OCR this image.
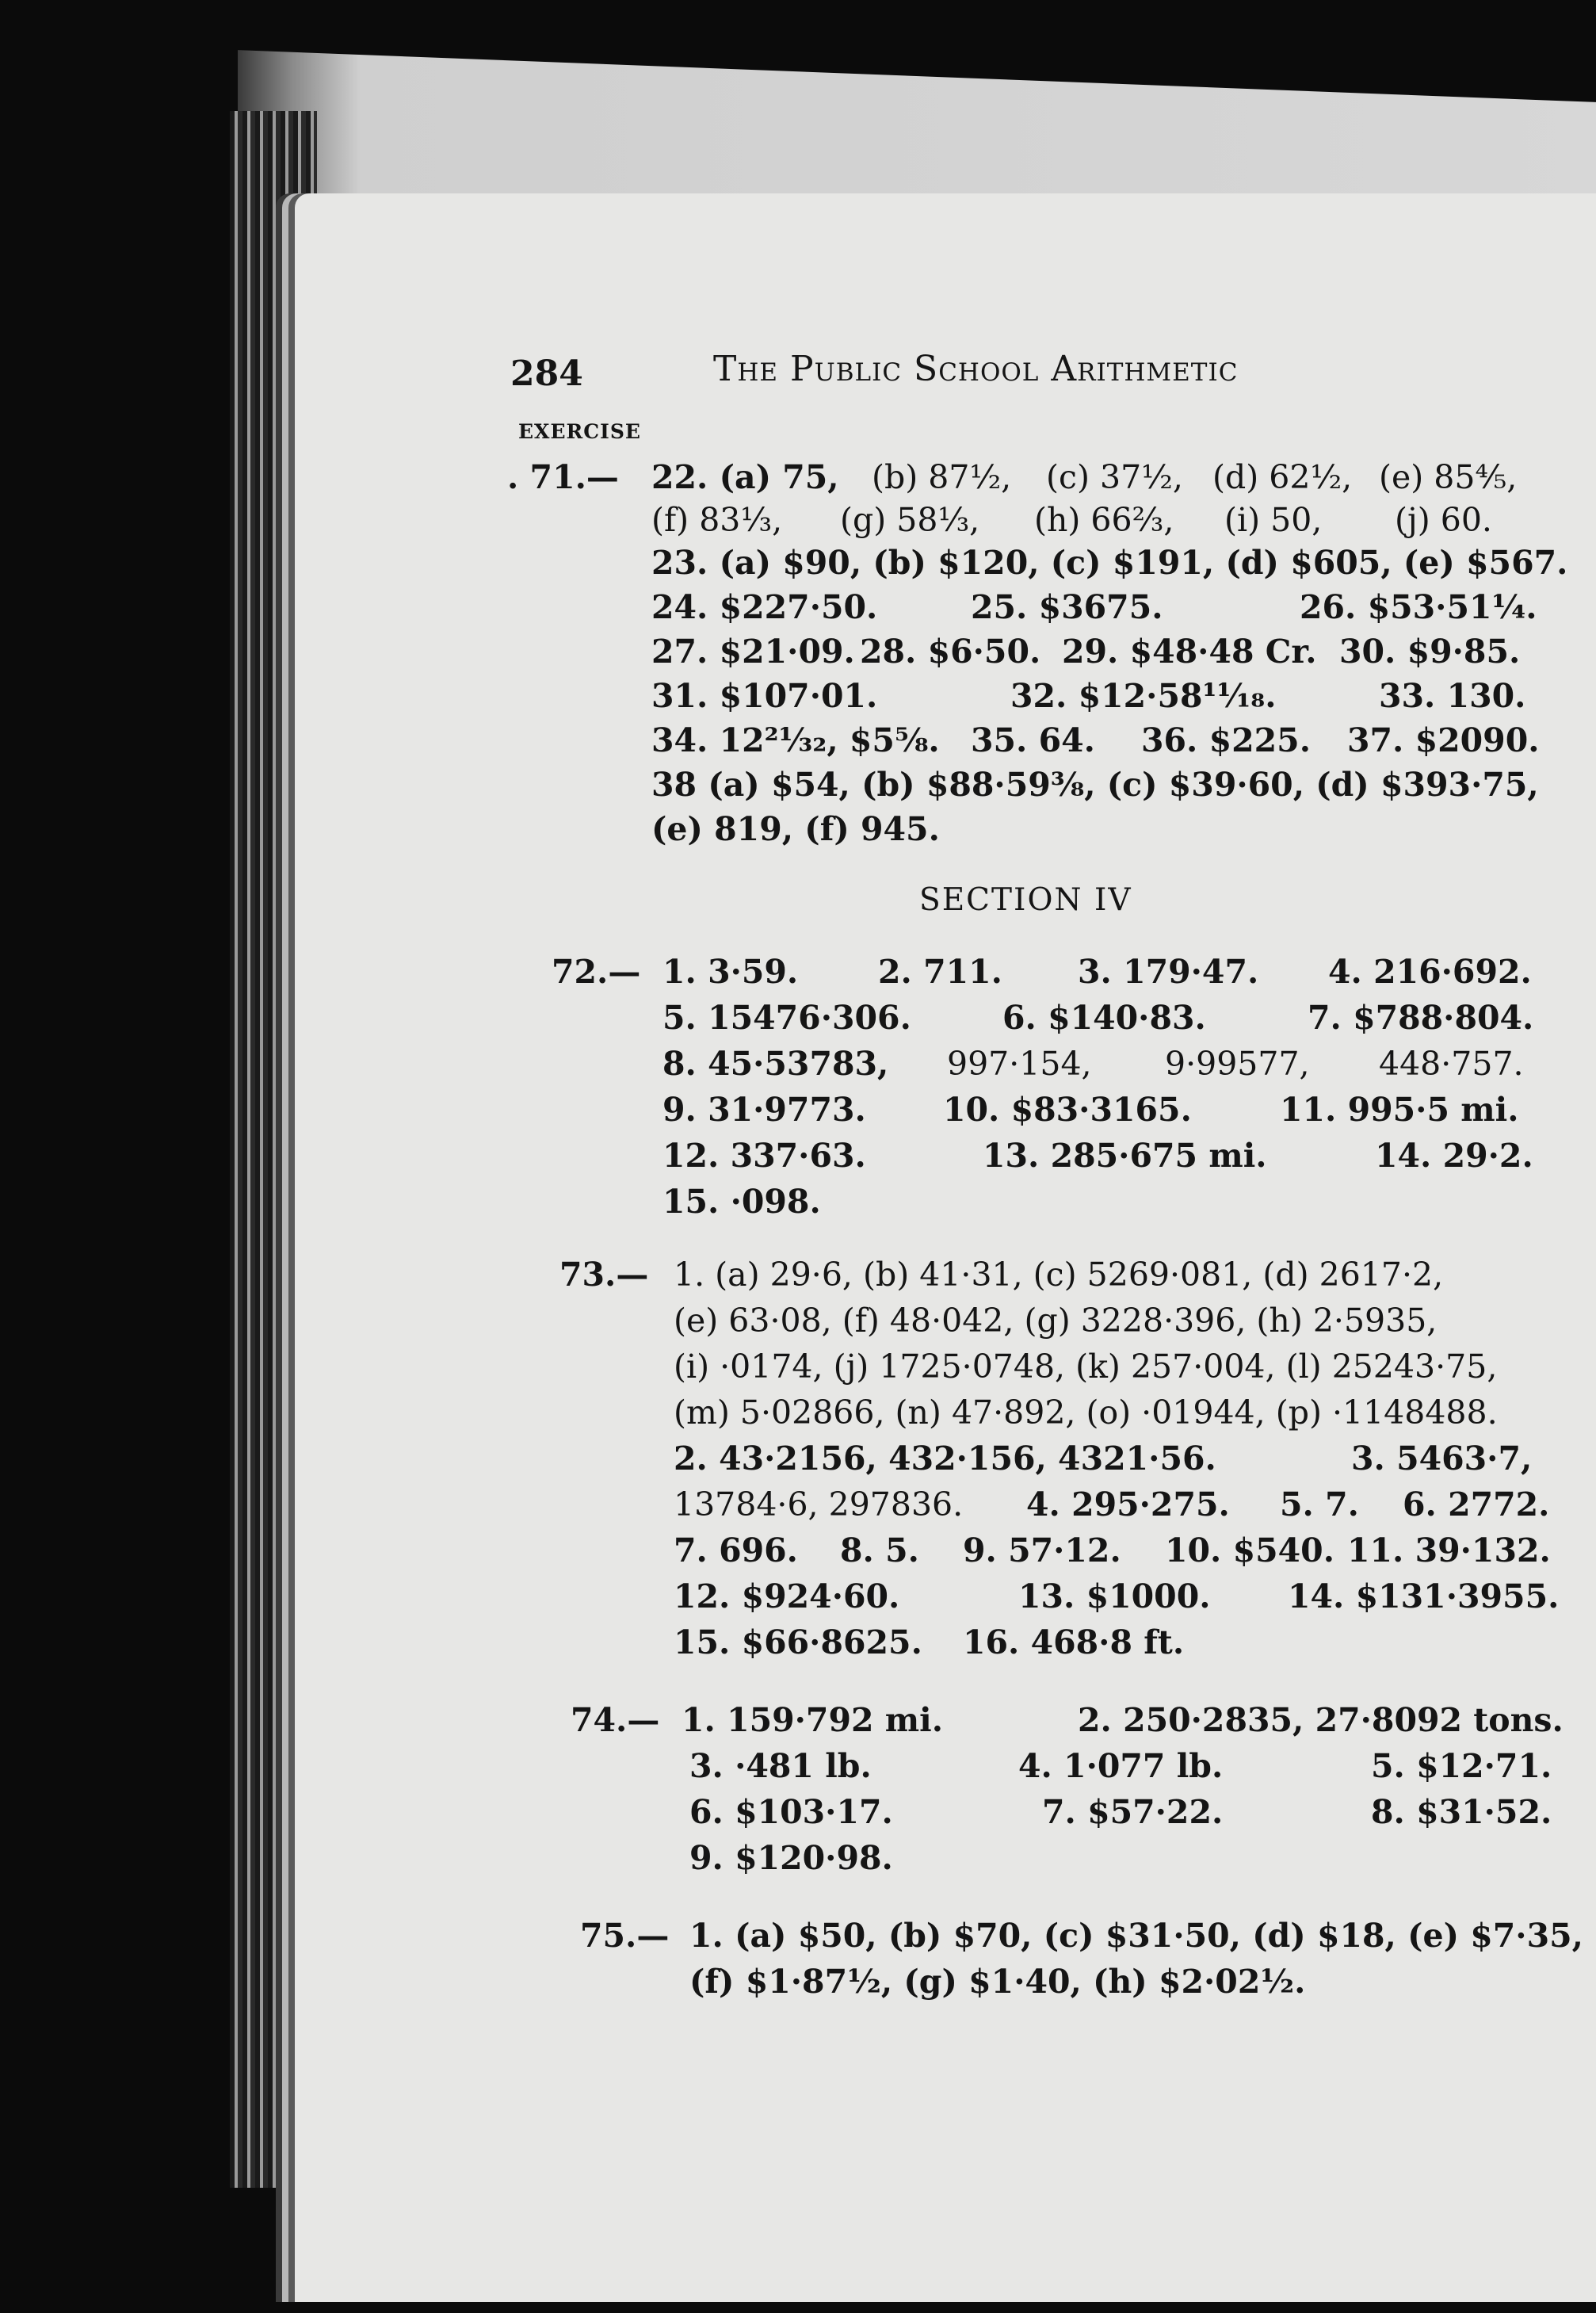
284	The Public School Arithmetic
EXERCISE
. 71.— 22. (a) 75, (b) 87½, (c) 37½, (d) 62½, (e) 85⅘,
(f) 83⅓, (g) 58⅓, (h) 66⅔, (i) 50, (j) 60.
23. (a) $90, (b) $120, (c) $191, (d) $605, (e) $567.
24. $227·50.	25. $3675.	26. $53·51¼.
27. $21·09. 28. $6·50. 29. $48·48 Cr. 30. $9·85.
31. $107·01.	32. $12·58¹¹⁄₁₈.	33. 130.
34. 12²¹⁄₃₂, $5⅝. 35. 64. 36. $225. 37. $2090.
38 (a) $54, (b) $88·59⅜, (c) $39·60, (d) $393·75,
(e) 819, (f) 945.
SECTION IV
72.— 1. 3·59. 2. 711. 3. 179·47. 4. 216·692.
5. 15476·306.	6. $140·83.	7. $788·804.
8. 45·53783, 997·154, 9·99577, 448·757.
9. 31·9773. 10. $83·3165.	11. 995·5 mi.
12. 337·63.	13. 285·675 mi.	14. 29·2.
15. ·098.
73.— 1. (a) 29·6, (b) 41·31, (c) 5269·081, (d) 2617·2,
(e) 63·08, (f) 48·042, (g) 3228·396, (h) 2·5935,
(i) ·0174, (j) 1725·0748, (k) 257·004, (l) 25243·75,
(m) 5·02866, (n) 47·892, (o) ·01944, (p) ·1148488.
2. 43·2156, 432·156, 4321·56.	3. 5463·7,
13784·6, 297836. 4. 295·275. 5. 7. 6. 2772.
7. 696. 8. 5. 9. 57·12. 10. $540. 11. 39·132.
12. $924·60.	13. $1000. 14. $131·3955.
15. $66·8625. 16. 468·8 ft.
74.— 1. 159·792 mi.	2. 250·2835, 27·8092 tons.
3. ·481 lb.	4. 1·077 lb.	5. $12·71.
6. $103·17.	7. $57·22.	8. $31·52.
9. $120·98.
75.— 1. (a) $50, (b) $70, (c) $31·50, (d) $18, (e) $7·35,
(f) $1·87½, (g) $1·40, (h) $2·02½.
